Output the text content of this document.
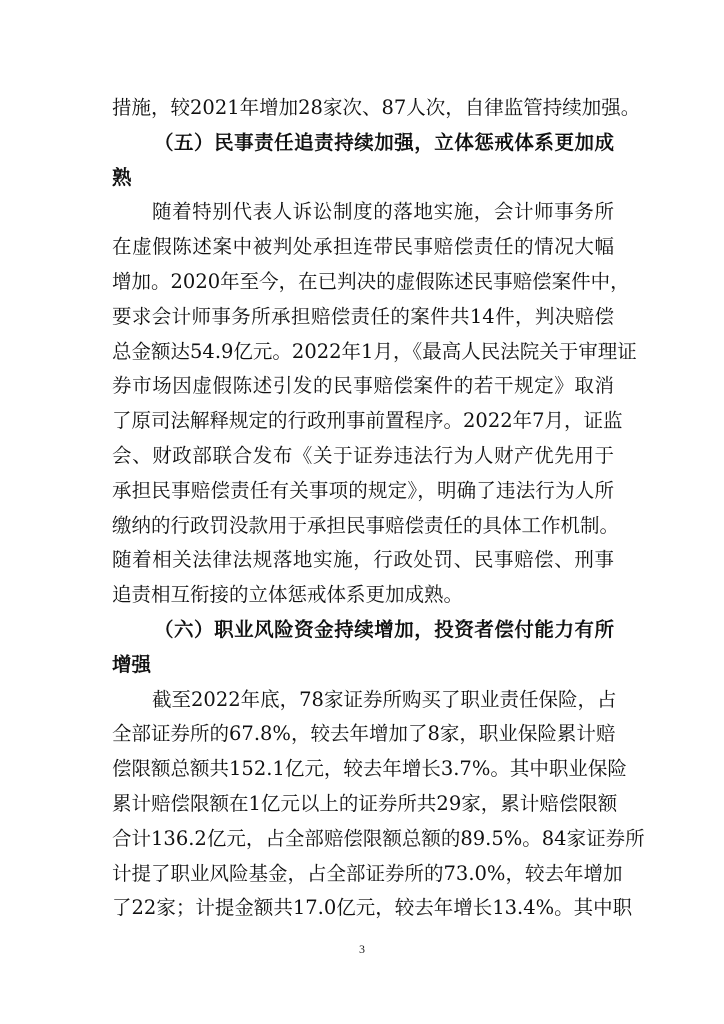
措施，较2021年增加28家次、87人次，自律监管持续加强。
（五）民事责任追责持续加强，立体惩戒体系更加成
熟
随着特别代表人诉讼制度的落地实施，会计师事务所
在虚假陈述案中被判处承担连带民事赔偿责任的情况大幅
增加。2020年至今，在已判决的虚假陈述民事赔偿案件中，
要求会计师事务所承担赔偿责任的案件共14件，判决赔偿
总金额达54.9亿元。2022年1月，《最高人民法院关于审理证
券市场因虚假陈述引发的民事赔偿案件的若干规定》取消
了原司法解释规定的行政刑事前置程序。2022年7月，证监
会、财政部联合发布《关于证券违法行为人财产优先用于
承担民事赔偿责任有关事项的规定》，明确了违法行为人所
缴纳的行政罚没款用于承担民事赔偿责任的具体工作机制。
随着相关法律法规落地实施，行政处罚、民事赔偿、刑事
追责相互衔接的立体惩戒体系更加成熟。
（六）职业风险资金持续增加，投资者偿付能力有所
增强
截至2022年底，78家证券所购买了职业责任保险，占
全部证券所的67.8%，较去年增加了8家，职业保险累计赔
偿限额总额共152.1亿元，较去年增长3.7%。其中职业保险
累计赔偿限额在1亿元以上的证券所共29家，累计赔偿限额
合计136.2亿元，占全部赔偿限额总额的89.5%。84家证券所
计提了职业风险基金，占全部证券所的73.0%，较去年增加
了22家；计提金额共17.0亿元，较去年增长13.4%。其中职
3
